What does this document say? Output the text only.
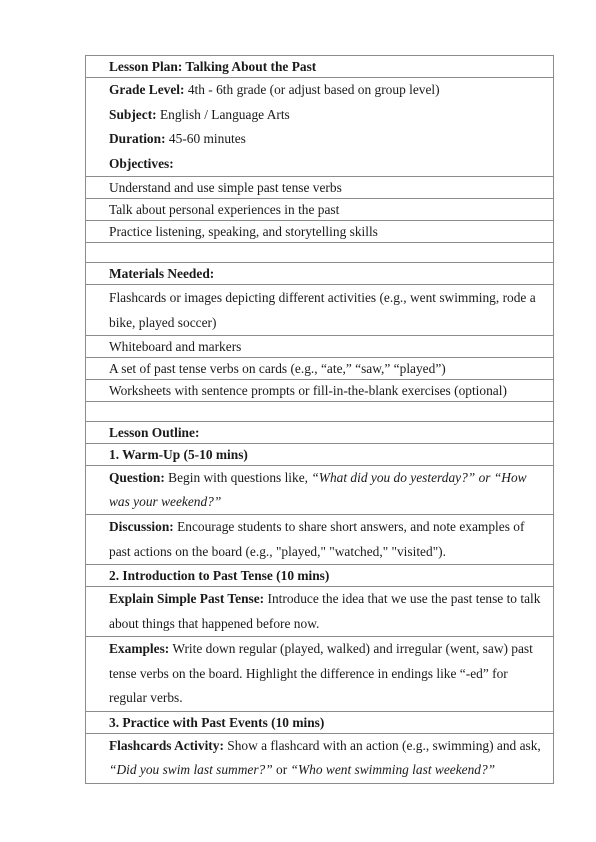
Lesson Plan: Talking About the Past

Grade Level: 4th - 6th grade (or adjust based on group level)
Subject: English / Language Arts
Duration: 45-60 minutes
Objectives:

Understand and use simple past tense verbs
Talk about personal experiences in the past
Practice listening, speaking, and storytelling skills

Materials Needed:
Flashcards or images depicting different activities (e.g., went swimming, rode a bike, played soccer)
Whiteboard and markers
A set of past tense verbs on cards (e.g., “ate,” “saw,” “played”)
Worksheets with sentence prompts or fill-in-the-blank exercises (optional)

Lesson Outline:
1. Warm-Up (5-10 mins)
Question: Begin with questions like, “What did you do yesterday?” or “How was your weekend?”
Discussion: Encourage students to share short answers, and note examples of past actions on the board (e.g., "played," "watched," "visited").
2. Introduction to Past Tense (10 mins)
Explain Simple Past Tense: Introduce the idea that we use the past tense to talk about things that happened before now.
Examples: Write down regular (played, walked) and irregular (went, saw) past tense verbs on the board. Highlight the difference in endings like “-ed” for regular verbs.
3. Practice with Past Events (10 mins)
Flashcards Activity: Show a flashcard with an action (e.g., swimming) and ask, “Did you swim last summer?” or “Who went swimming last weekend?”
